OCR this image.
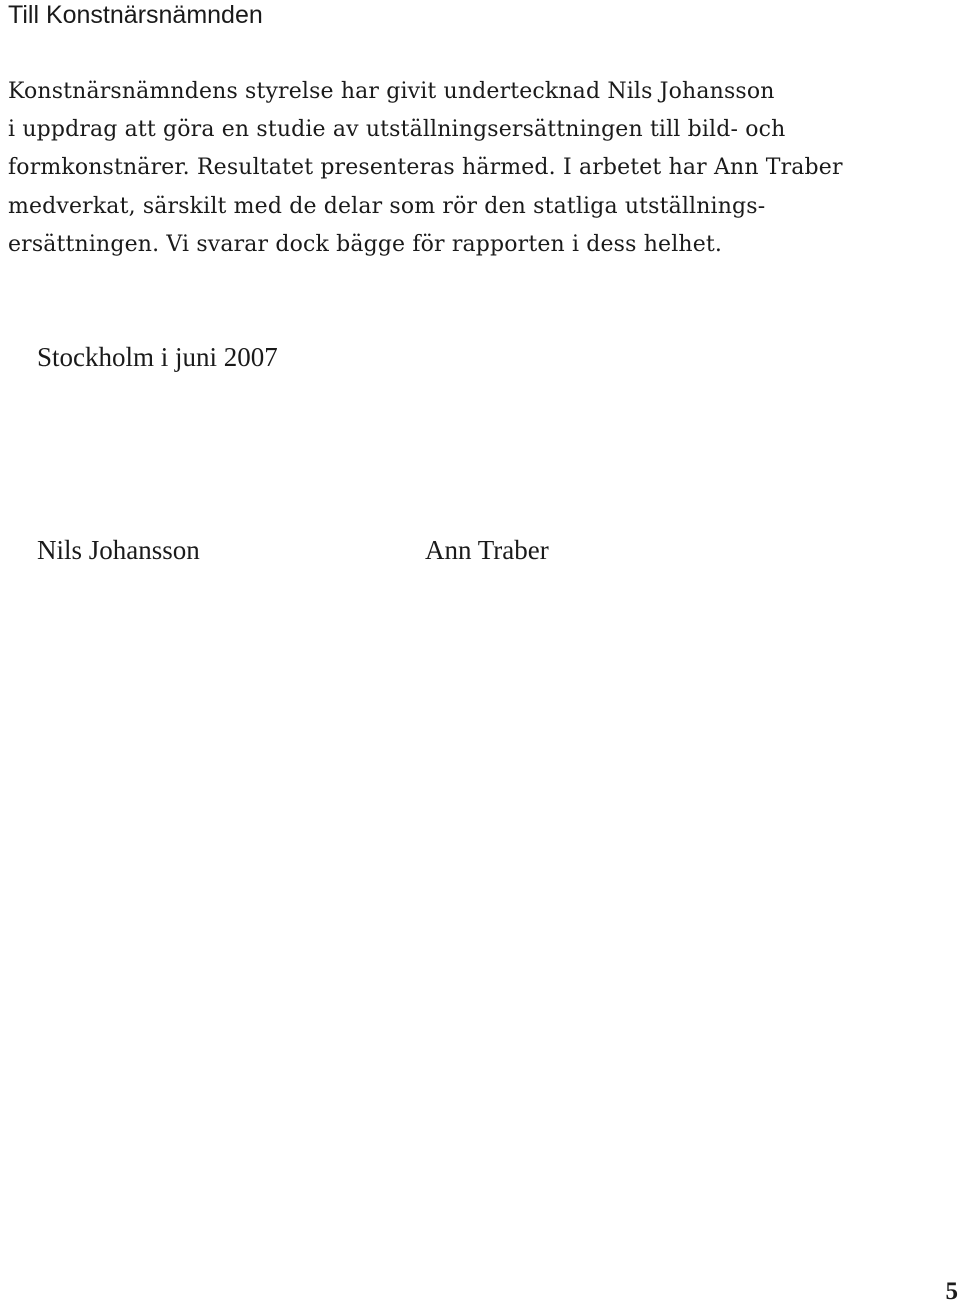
Till Konstnärsnämnden

Konstnärsnämndens styrelse har givit undertecknad Nils Johansson
i uppdrag att göra en studie av utställningsersättningen till bild- och
formkonstnärer. Resultatet presenteras härmed. I arbetet har Ann Traber
medverkat, särskilt med de delar som rör den statliga utställnings-
ersättningen. Vi svarar dock bägge för rapporten i dess helhet.

Stockholm i juni 2007
Nils Johansson	Ann Traber
5
